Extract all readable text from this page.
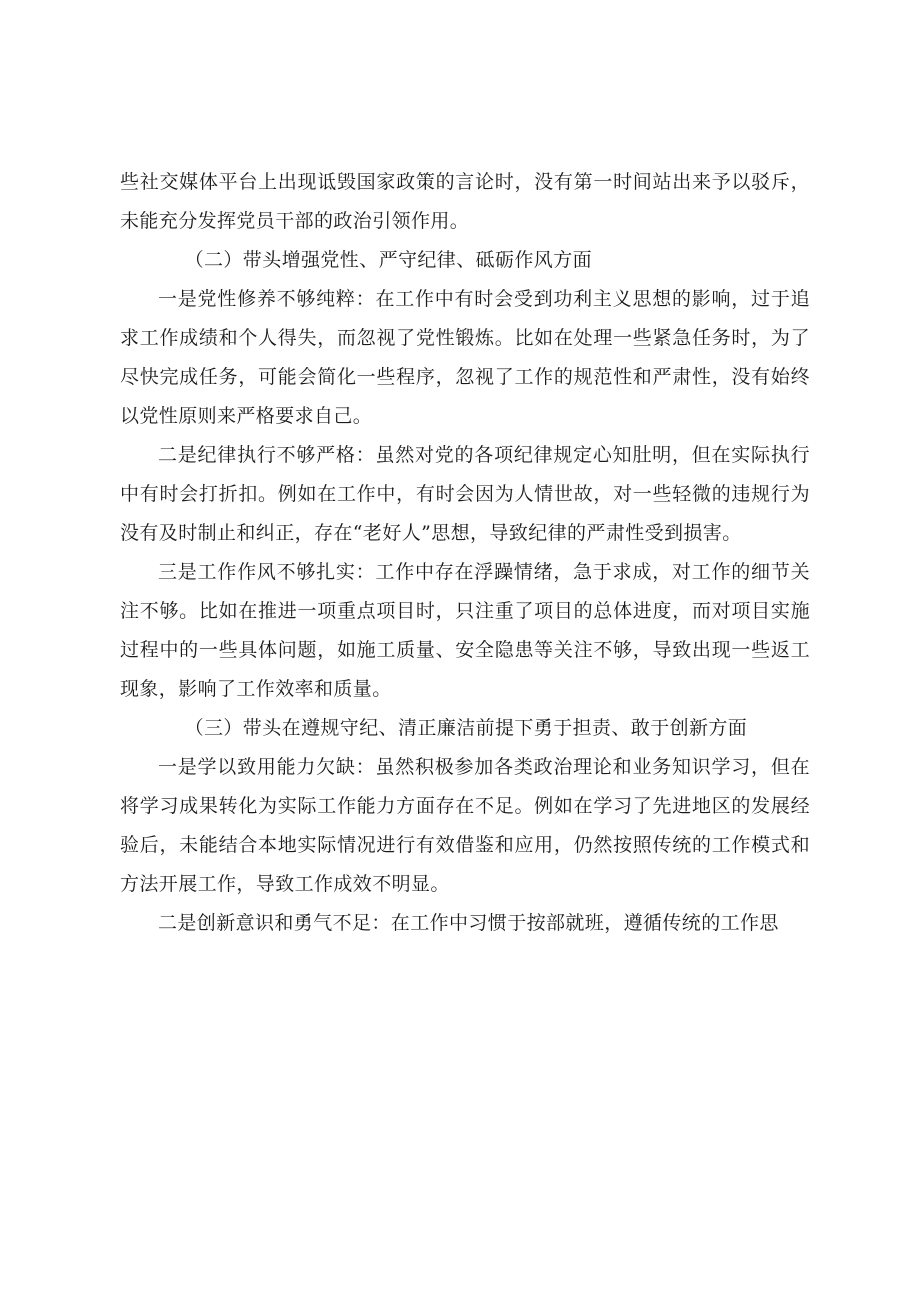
些社交媒体平台上出现诋毁国家政策的言论时，没有第一时间站出来予以驳斥，未能充分发挥党员干部的政治引领作用。

（二）带头增强党性、严守纪律、砥砺作风方面

一是党性修养不够纯粹：在工作中有时会受到功利主义思想的影响，过于追求工作成绩和个人得失，而忽视了党性锻炼。比如在处理一些紧急任务时，为了尽快完成任务，可能会简化一些程序，忽视了工作的规范性和严肃性，没有始终以党性原则来严格要求自己。

二是纪律执行不够严格：虽然对党的各项纪律规定心知肚明，但在实际执行中有时会打折扣。例如在工作中，有时会因为人情世故，对一些轻微的违规行为没有及时制止和纠正，存在“老好人”思想，导致纪律的严肃性受到损害。

三是工作作风不够扎实：工作中存在浮躁情绪，急于求成，对工作的细节关注不够。比如在推进一项重点项目时，只注重了项目的总体进度，而对项目实施过程中的一些具体问题，如施工质量、安全隐患等关注不够，导致出现一些返工现象，影响了工作效率和质量。

（三）带头在遵规守纪、清正廉洁前提下勇于担责、敢于创新方面

一是学以致用能力欠缺：虽然积极参加各类政治理论和业务知识学习，但在将学习成果转化为实际工作能力方面存在不足。例如在学习了先进地区的发展经验后，未能结合本地实际情况进行有效借鉴和应用，仍然按照传统的工作模式和方法开展工作，导致工作成效不明显。

二是创新意识和勇气不足：在工作中习惯于按部就班，遵循传统的工作思
